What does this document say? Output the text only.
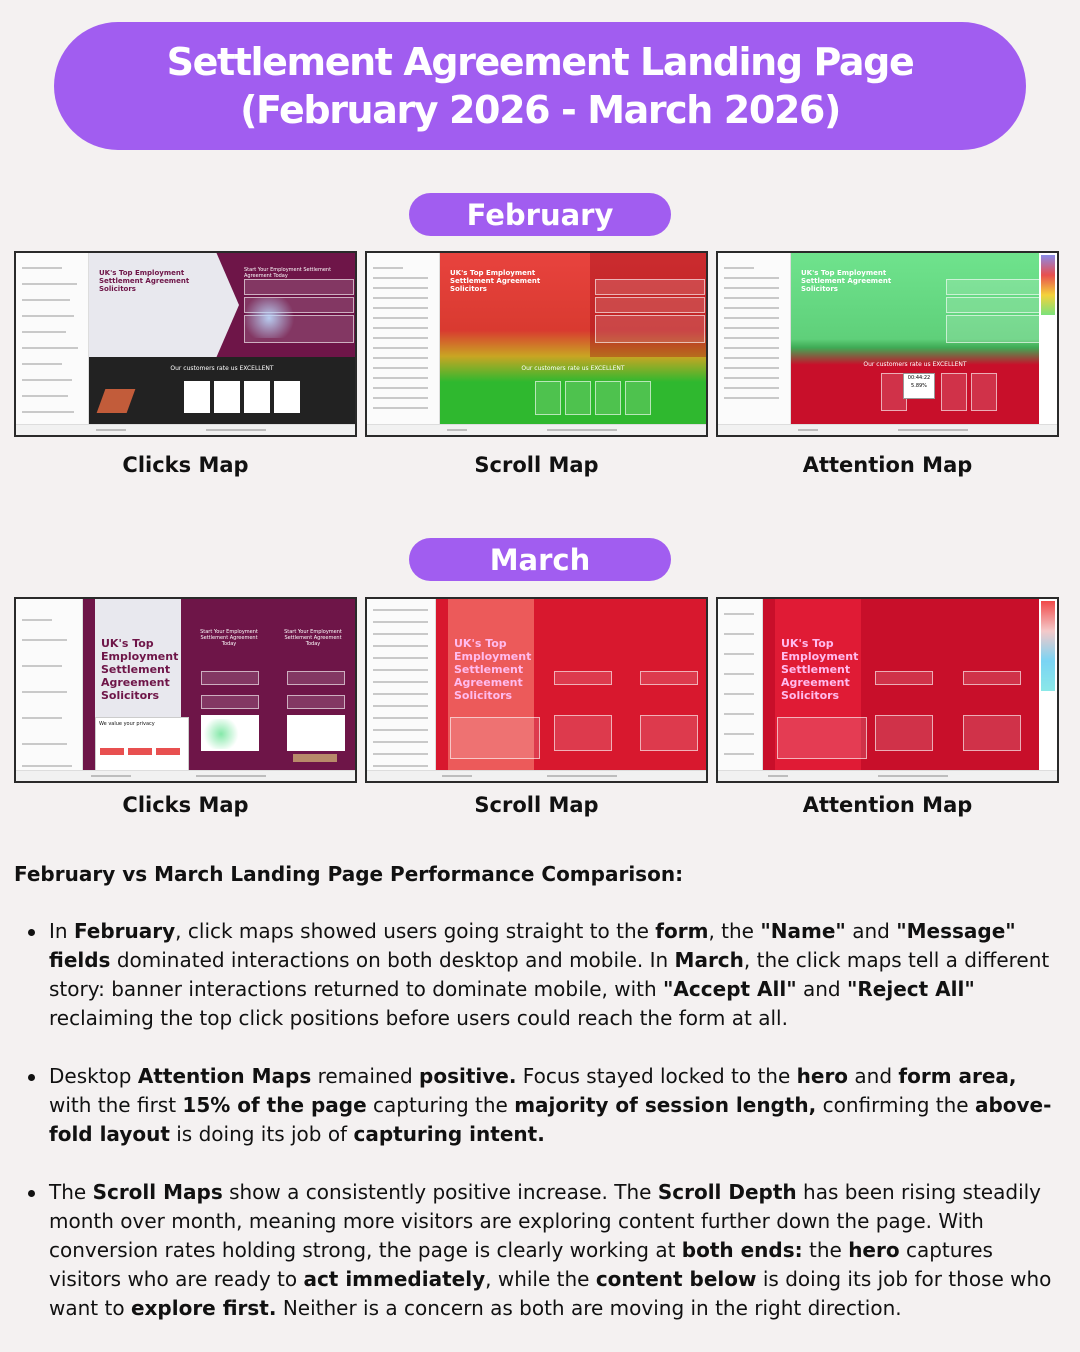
Settlement Agreement Landing Page
(February 2026 - March 2026)
February
UK's Top Employment Settlement Agreement Solicitors
Start Your Employment Settlement Agreement Today
Our customers rate us EXCELLENT
Clicks Map
UK's Top Employment Settlement Agreement Solicitors
Our customers rate us EXCELLENT
Scroll Map
UK's Top Employment Settlement Agreement Solicitors
Our customers rate us EXCELLENT
00:44:22
5.89%
Attention Map
March
UK's Top Employment Settlement Agreement Solicitors
We value your privacy
Start Your Employment Settlement Agreement Today
Start Your Employment Settlement Agreement Today
Clicks Map
UK's Top Employment Settlement Agreement Solicitors
Scroll Map
UK's Top Employment Settlement Agreement Solicitors
Attention Map
February vs March Landing Page Performance Comparison:
In February, click maps showed users going straight to the form, the "Name" and "Message" fields dominated interactions on both desktop and mobile. In March, the click maps tell a different story: banner interactions returned to dominate mobile, with "Accept All" and "Reject All" reclaiming the top click positions before users could reach the form at all.
Desktop Attention Maps remained positive. Focus stayed locked to the hero and form area, with the first 15% of the page capturing the majority of session length, confirming the above-fold layout is doing its job of capturing intent.
The Scroll Maps show a consistently positive increase. The Scroll Depth has been rising steadily month over month, meaning more visitors are exploring content further down the page. With conversion rates holding strong, the page is clearly working at both ends: the hero captures visitors who are ready to act immediately, while the content below is doing its job for those who want to explore first. Neither is a concern as both are moving in the right direction.
